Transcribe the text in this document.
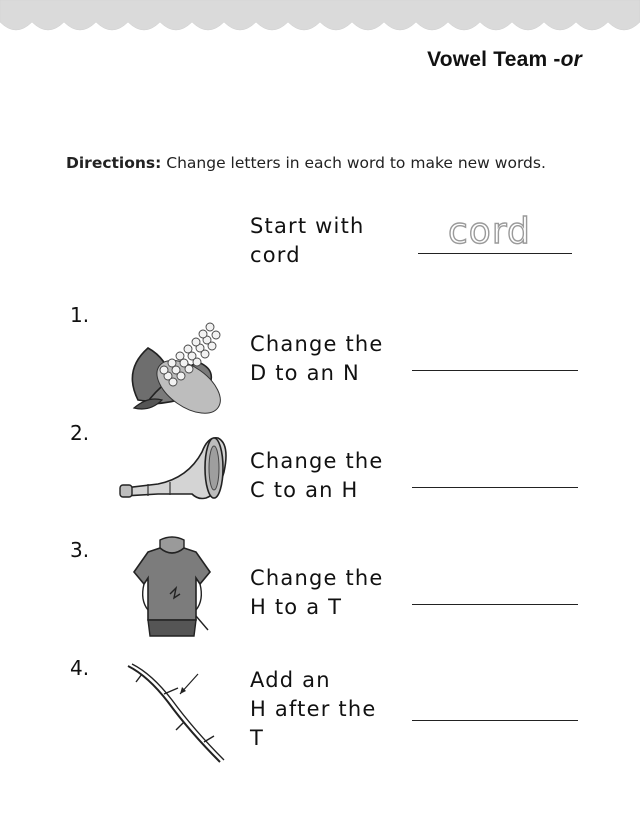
Vowel Team -or
Directions: Change letters in each word to make new words.
Start with
cord
cord
1.
Change the
D to an N
2.
Change the
C to an H
3.
Change the
H to a T
4.	Add an
H after the
T
